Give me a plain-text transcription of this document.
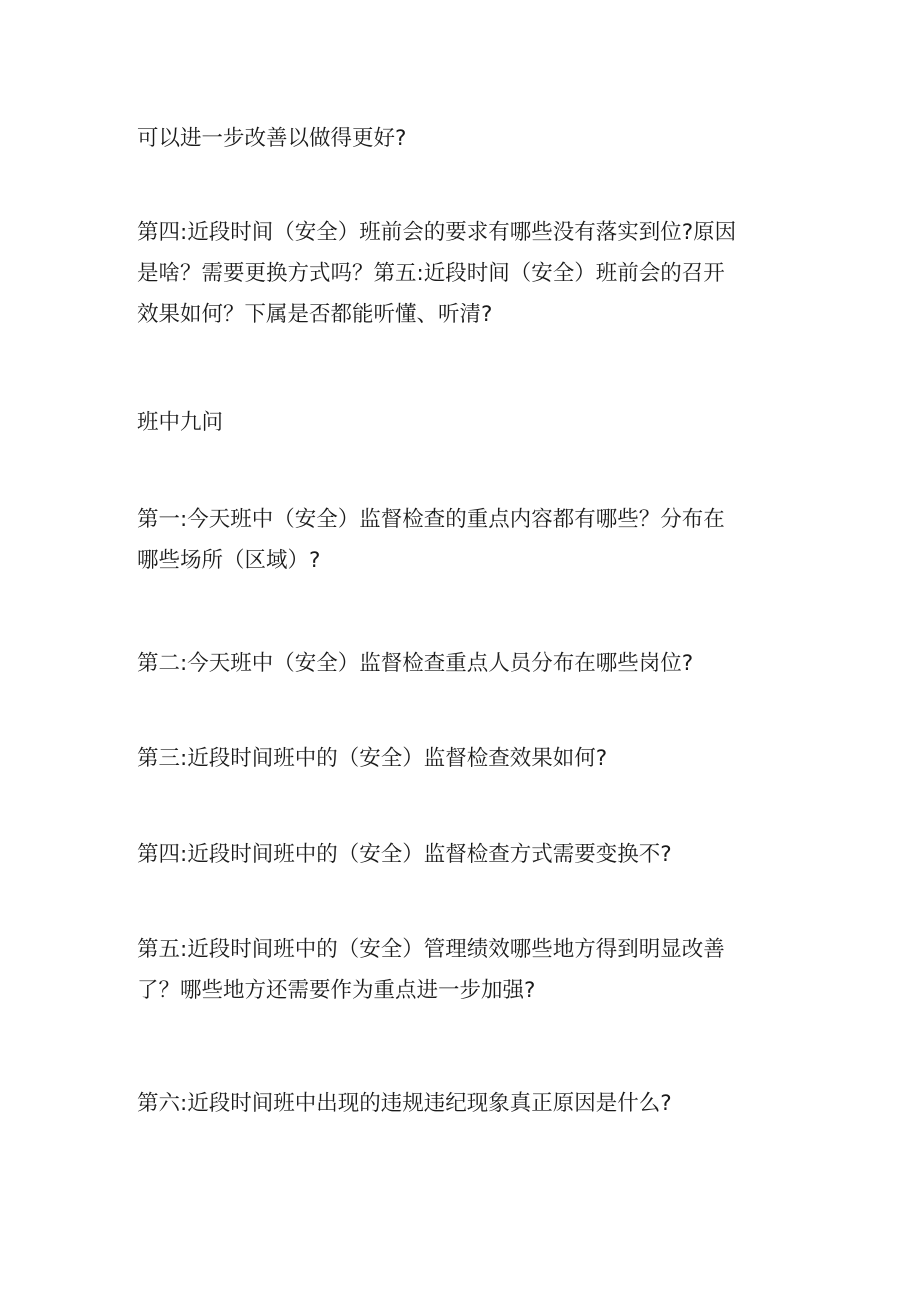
可以进一步改善以做得更好?

第四:近段时间（安全）班前会的要求有哪些没有落实到位?原因
是啥？需要更换方式吗？第五:近段时间（安全）班前会的召开
效果如何？下属是否都能听懂、听清?

班中九问

第一:今天班中（安全）监督检查的重点内容都有哪些？分布在
哪些场所（区域）?

第二:今天班中（安全）监督检查重点人员分布在哪些岗位?

第三:近段时间班中的（安全）监督检查效果如何?

第四:近段时间班中的（安全）监督检查方式需要变换不?

第五:近段时间班中的（安全）管理绩效哪些地方得到明显改善
了？哪些地方还需要作为重点进一步加强?

第六:近段时间班中出现的违规违纪现象真正原因是什么?
